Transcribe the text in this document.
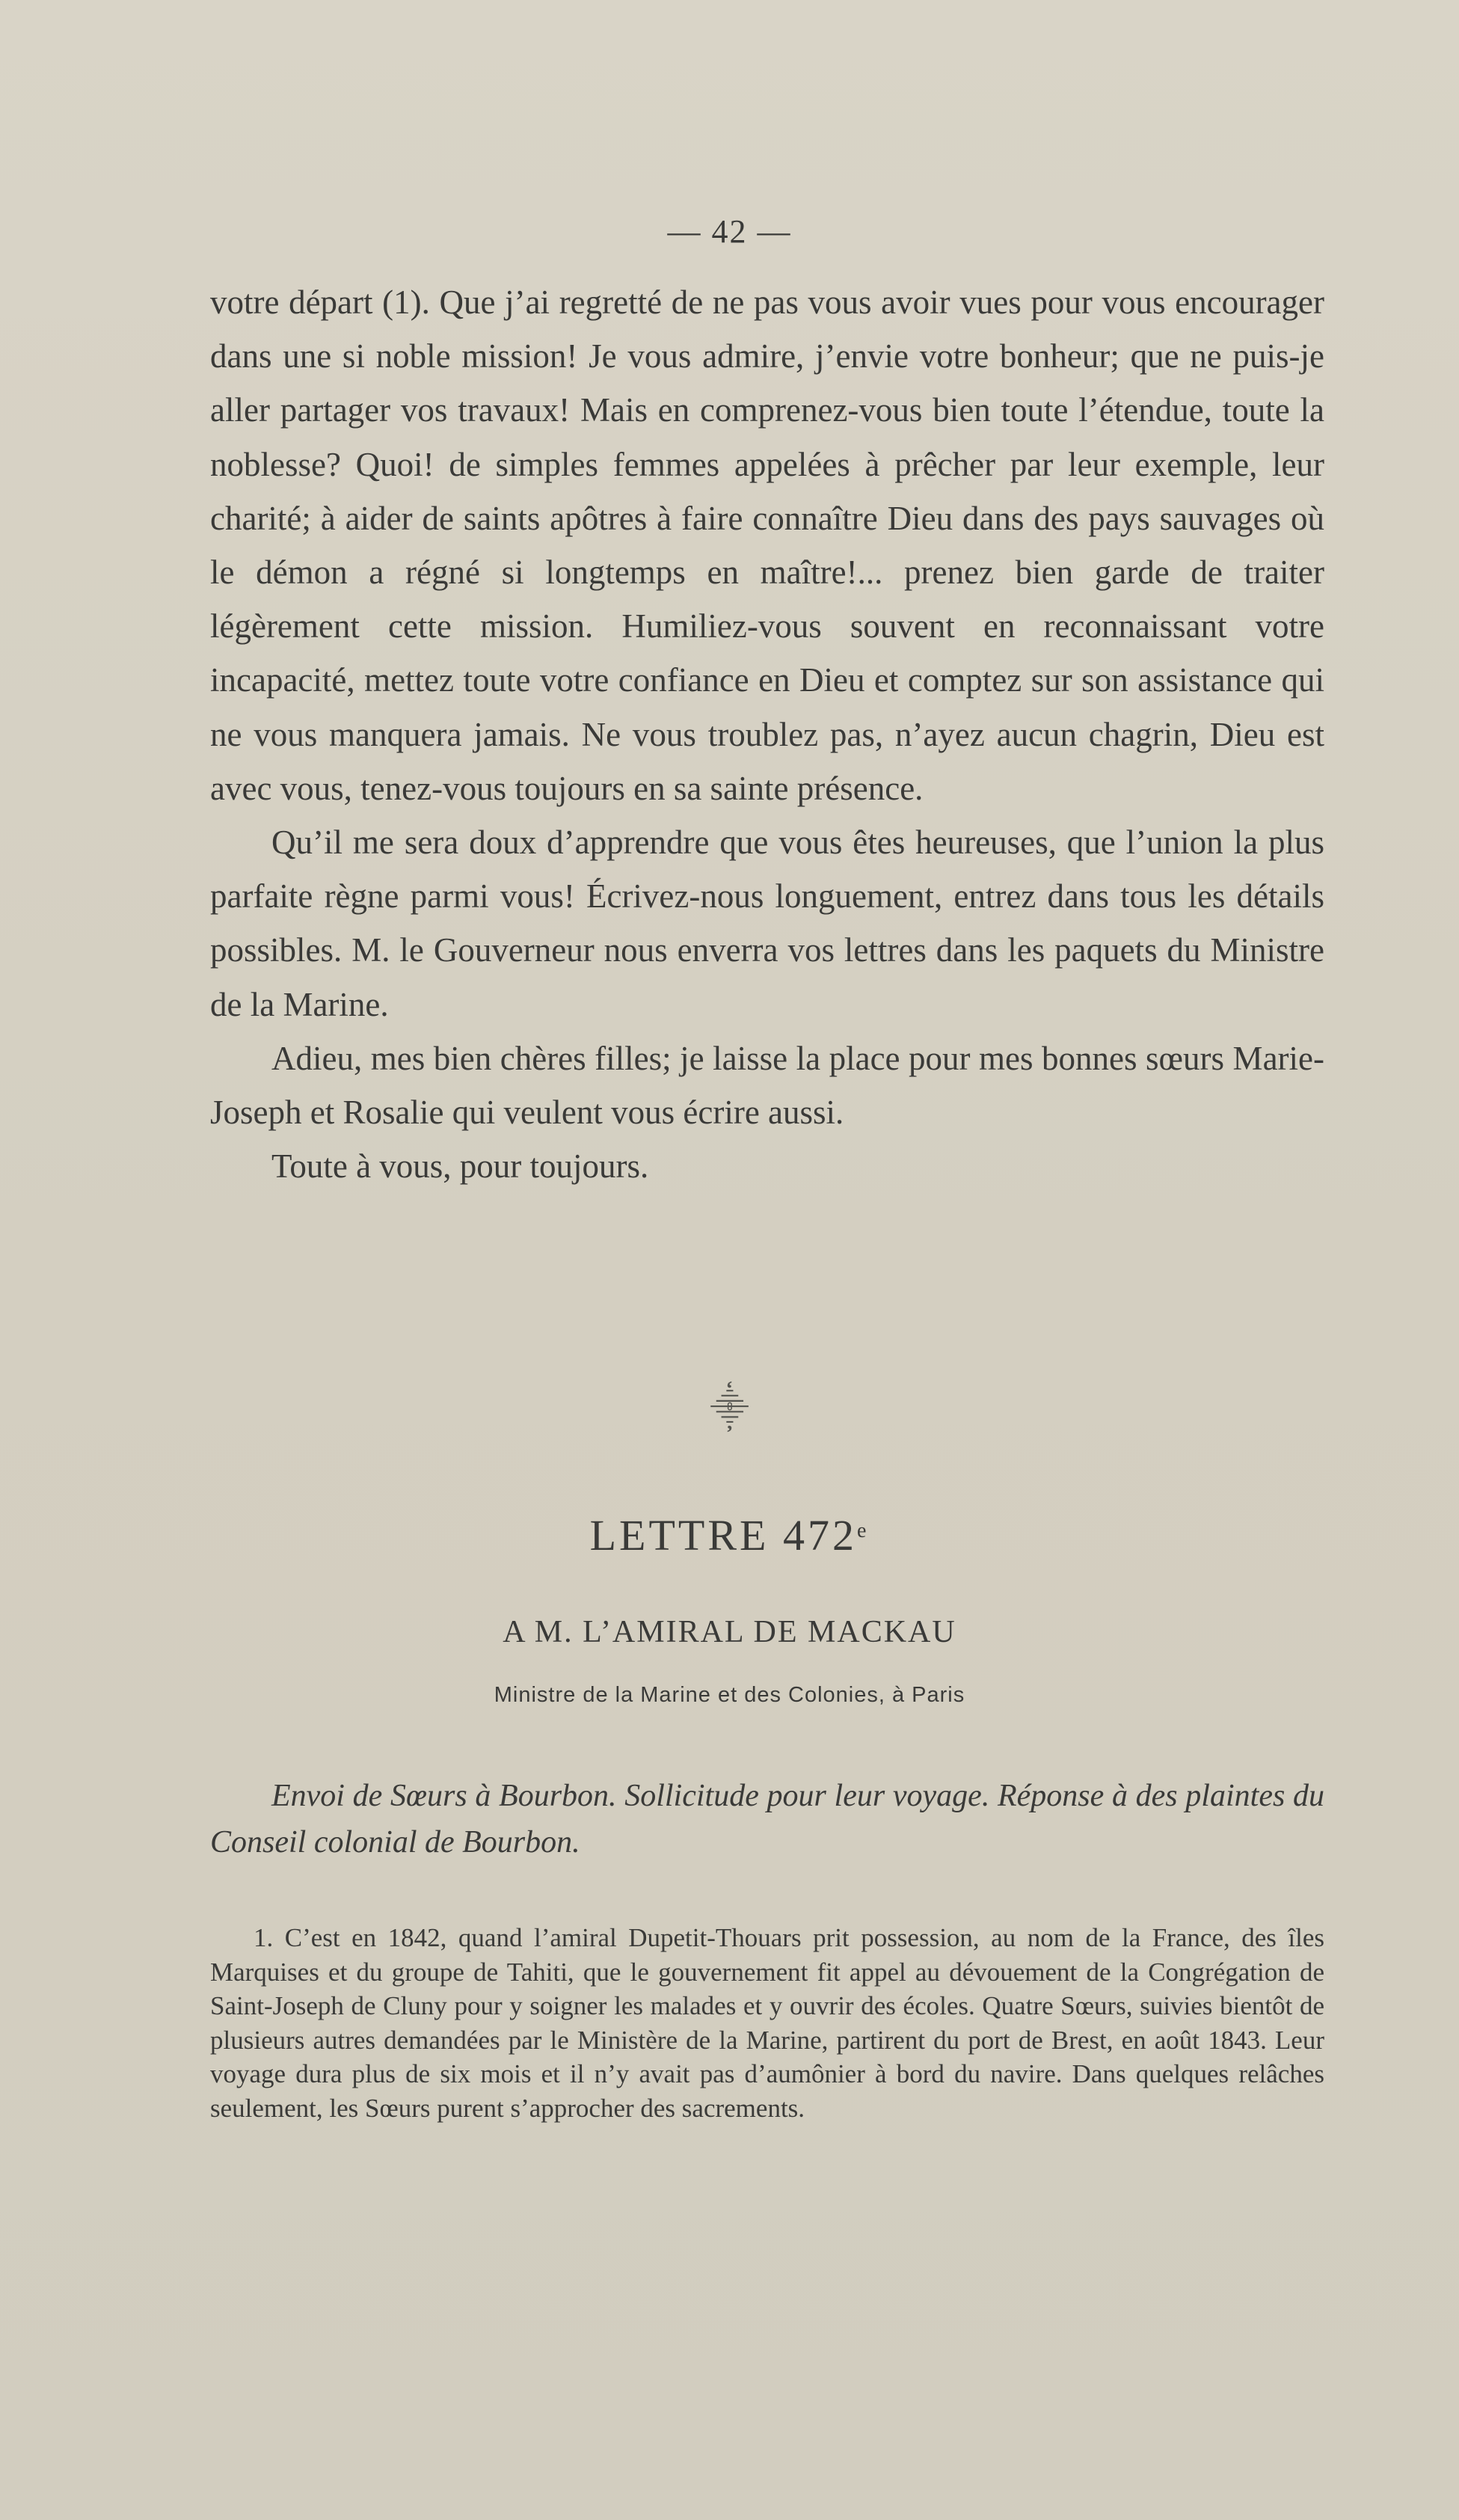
— 42 —

votre départ (1). Que j’ai regretté de ne pas vous avoir vues pour vous encourager dans une si noble mission! Je vous admire, j’envie votre bonheur; que ne puis-je aller partager vos travaux! Mais en comprenez-vous bien toute l’étendue, toute la noblesse? Quoi! de simples femmes appelées à prêcher par leur exemple, leur charité; à aider de saints apôtres à faire connaître Dieu dans des pays sauvages où le démon a régné si longtemps en maître!... prenez bien garde de traiter légèrement cette mission. Humiliez-vous souvent en reconnaissant votre incapacité, mettez toute votre confiance en Dieu et comptez sur son assistance qui ne vous manquera jamais. Ne vous troublez pas, n’ayez aucun chagrin, Dieu est avec vous, tenez-vous toujours en sa sainte présence.

Qu’il me sera doux d’apprendre que vous êtes heureuses, que l’union la plus parfaite règne parmi vous! Écrivez-nous longuement, entrez dans tous les détails possibles. M. le Gouverneur nous enverra vos lettres dans les paquets du Ministre de la Marine.

Adieu, mes bien chères filles; je laisse la place pour mes bonnes sœurs Marie-Joseph et Rosalie qui veulent vous écrire aussi.

Toute à vous, pour toujours.

⸎
LETTRE 472e
A M. L’AMIRAL DE MACKAU
Ministre de la Marine et des Colonies, à Paris

Envoi de Sœurs à Bourbon. Sollicitude pour leur voyage. Réponse à des plaintes du Conseil colonial de Bourbon.

1. C’est en 1842, quand l’amiral Dupetit-Thouars prit possession, au nom de la France, des îles Marquises et du groupe de Tahiti, que le gouvernement fit appel au dévouement de la Congrégation de Saint-Joseph de Cluny pour y soigner les malades et y ouvrir des écoles. Quatre Sœurs, suivies bientôt de plusieurs autres demandées par le Ministère de la Marine, partirent du port de Brest, en août 1843. Leur voyage dura plus de six mois et il n’y avait pas d’aumônier à bord du navire. Dans quelques relâches seulement, les Sœurs purent s’approcher des sacrements.
